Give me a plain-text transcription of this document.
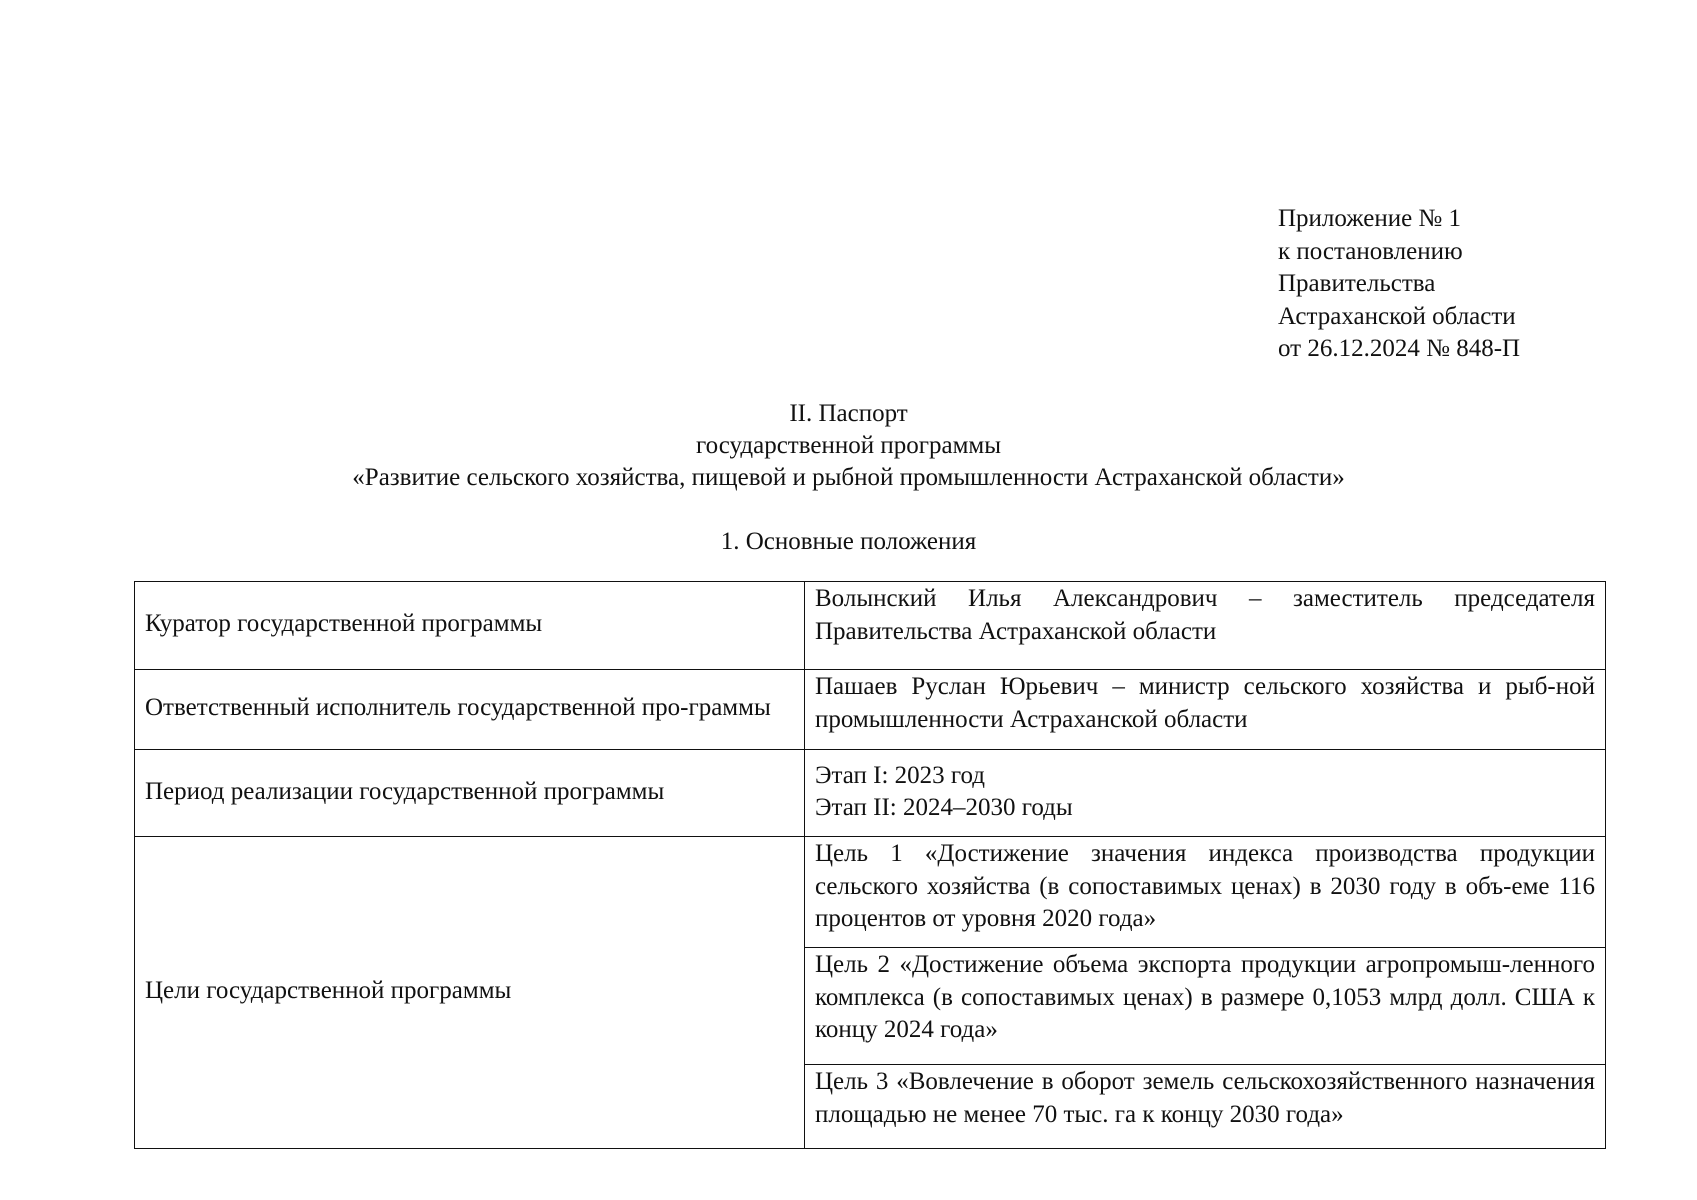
Приложение № 1
к постановлению
Правительства
Астраханской области
от 26.12.2024 № 848-П
II. Паспорт
государственной программы
«Развитие сельского хозяйства, пищевой и рыбной промышленности Астраханской области»
1. Основные положения
Куратор государственной программы	Волынский Илья Александрович – заместитель председателя Правительства Астраханской области
Ответственный исполнитель государственной про-граммы	Пашаев Руслан Юрьевич – министр сельского хозяйства и рыб-ной промышленности Астраханской области
Период реализации государственной программы	Этап I: 2023 год
Этап II: 2024–2030 годы

Цели государственной программы	Цель 1 «Достижение значения индекса производства продукции сельского хозяйства (в сопоставимых ценах) в 2030 году в объ-еме 116 процентов от уровня 2020 года»
	Цель 2 «Достижение объема экспорта продукции агропромыш-ленного комплекса (в сопоставимых ценах) в размере 0,1053 млрд долл. США к концу 2024 года»
	Цель 3 «Вовлечение в оборот земель сельскохозяйственного назначения площадью не менее 70 тыс. га к концу 2030 года»
